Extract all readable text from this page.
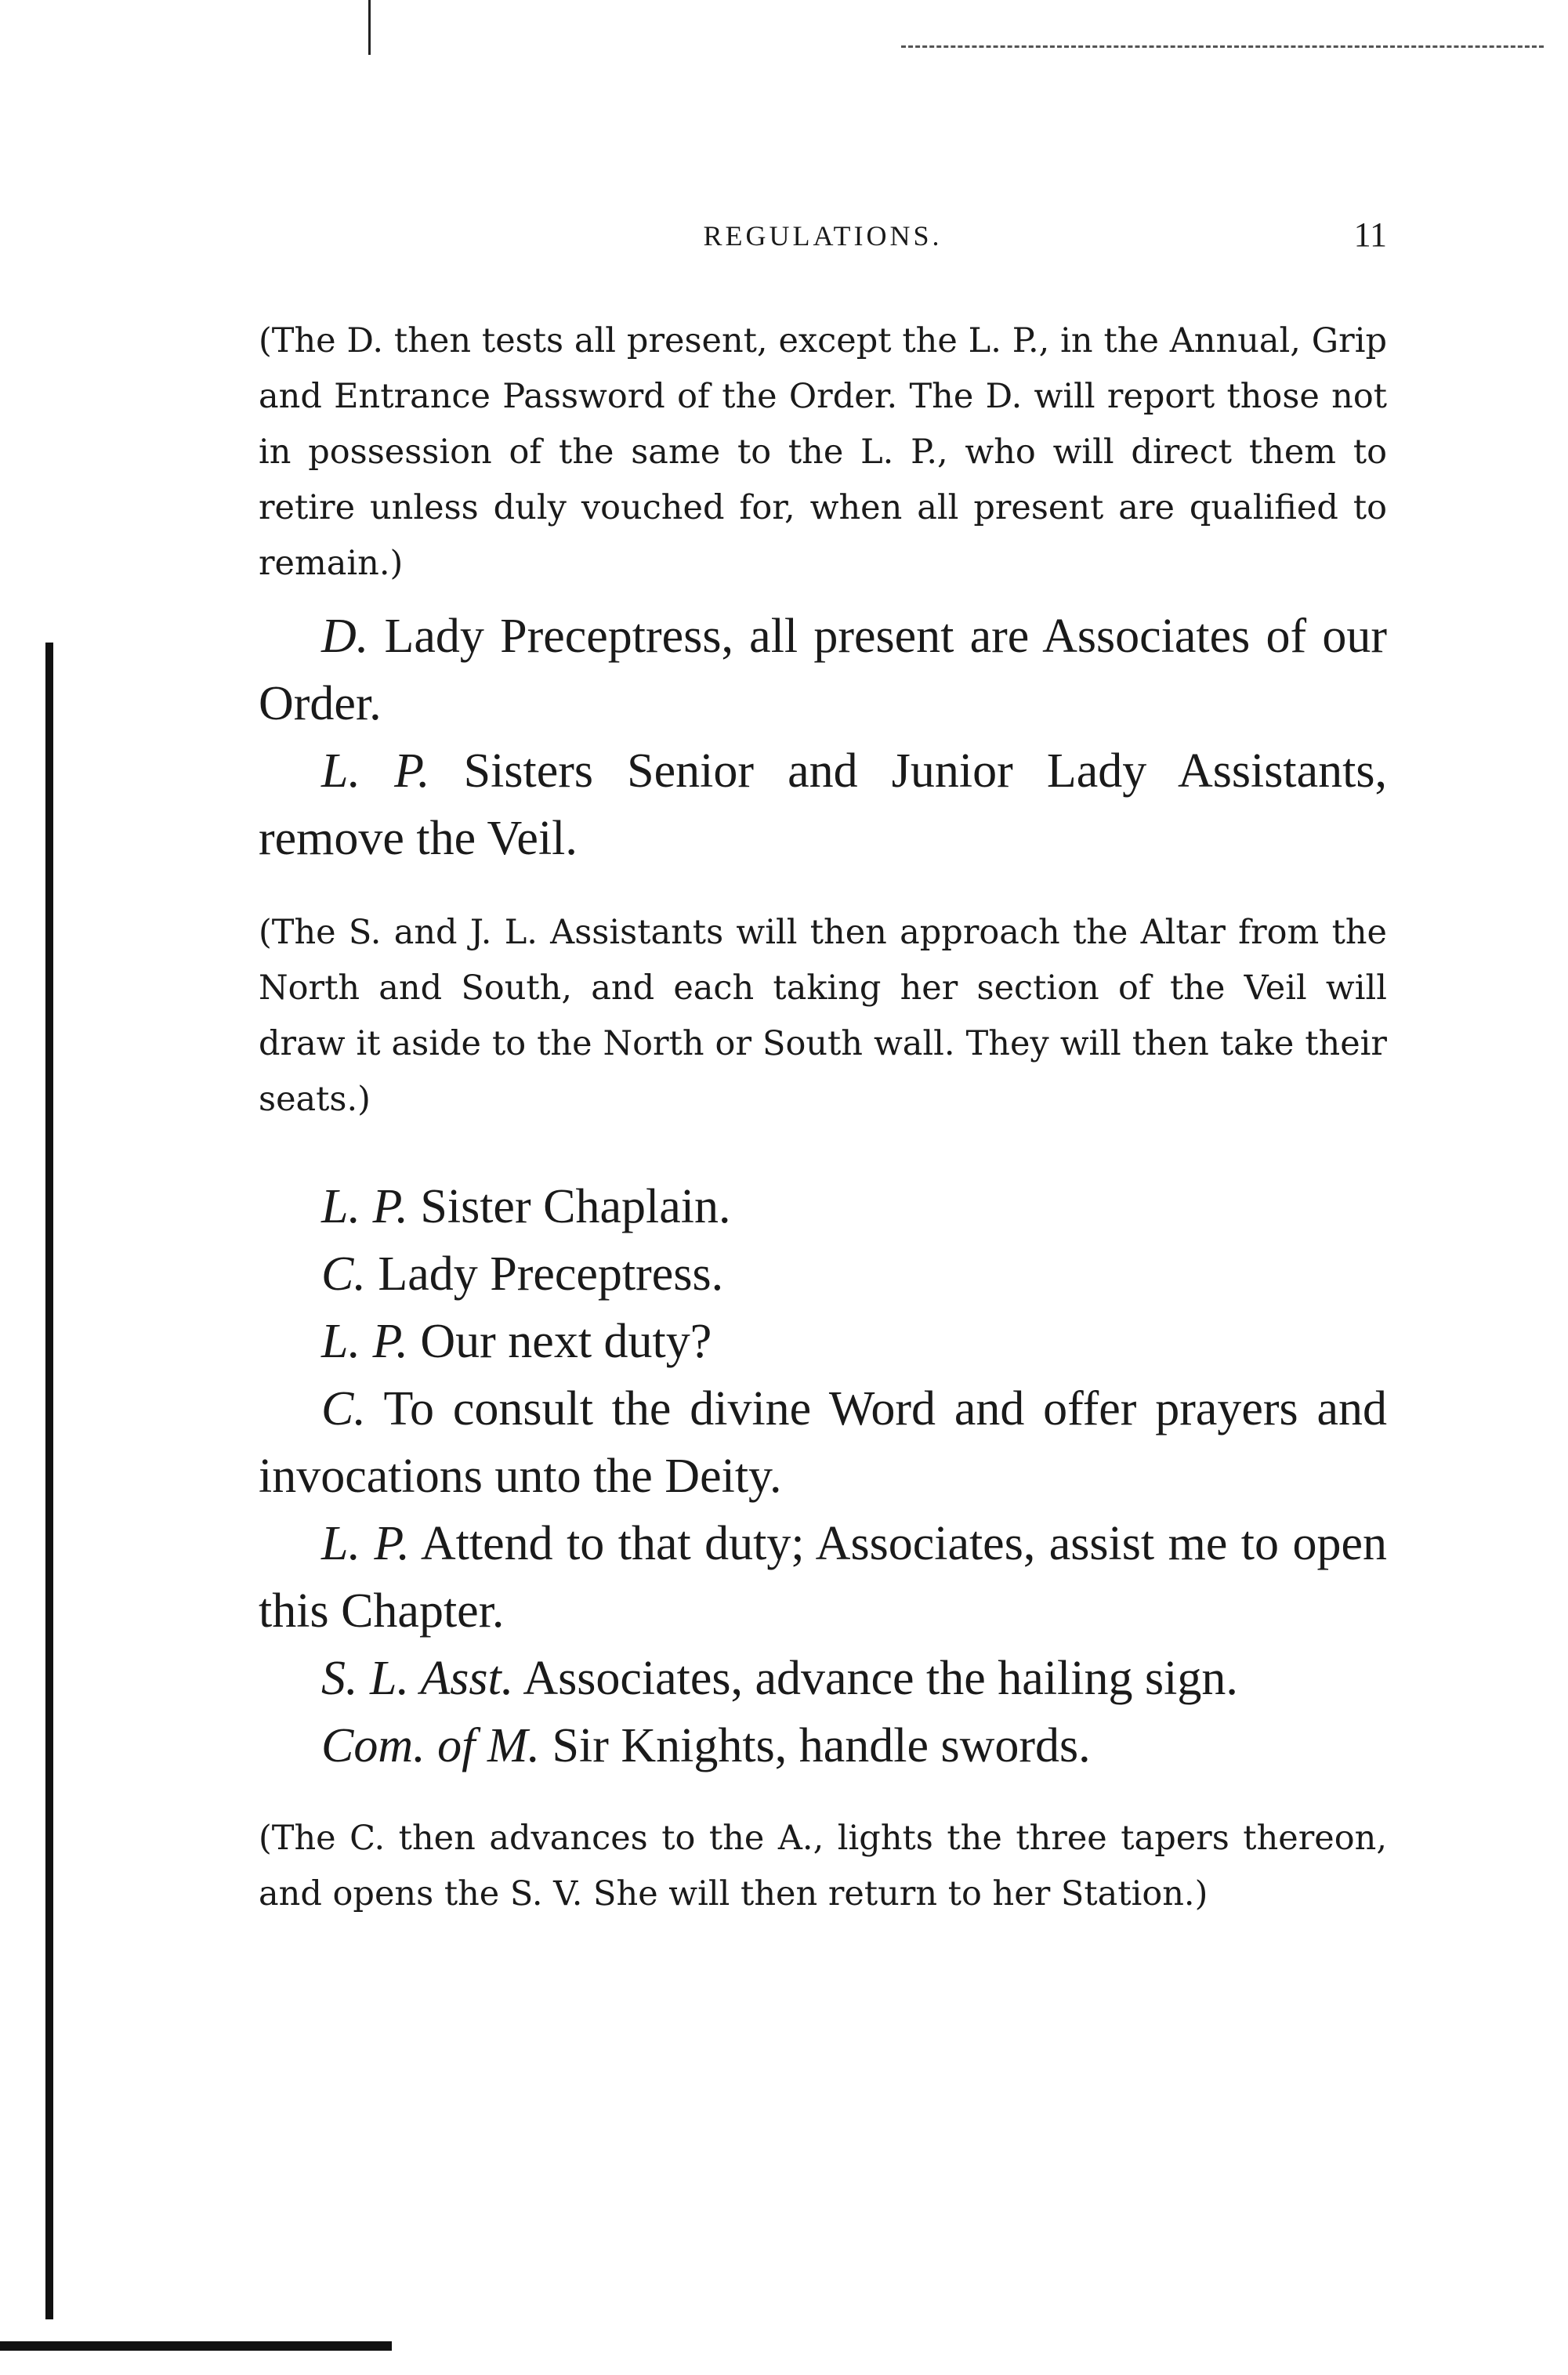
REGULATIONS.	11

(The D. then tests all present, except the L. P., in the Annual, Grip and Entrance Password of the Order. The D. will report those not in possession of the same to the L. P., who will direct them to retire unless duly vouched for, when all present are qualified to remain.)

D. Lady Preceptress, all present are Associates of our Order.

L. P. Sisters Senior and Junior Lady Assistants, remove the Veil.

(The S. and J. L. Assistants will then approach the Altar from the North and South, and each taking her section of the Veil will draw it aside to the North or South wall. They will then take their seats.)

L. P. Sister Chaplain.

C. Lady Preceptress.

L. P. Our next duty?

C. To consult the divine Word and offer prayers and invocations unto the Deity.

L. P. Attend to that duty; Associates, assist me to open this Chapter.

S. L. Asst. Associates, advance the hailing sign.

Com. of M. Sir Knights, handle swords.

(The C. then advances to the A., lights the three tapers thereon, and opens the S. V. She will then return to her Station.)
